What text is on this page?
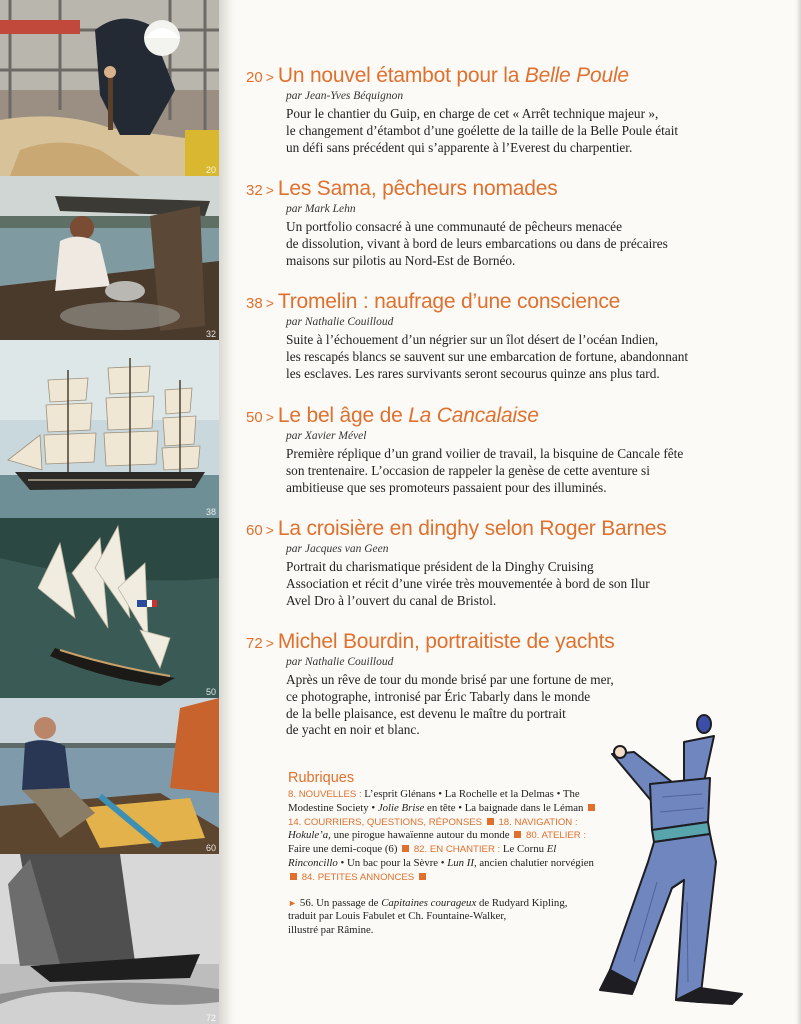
20
32
38
50
60
72
20 > Un nouvel étambot pour la Belle Poule
par Jean-Yves Béquignon
Pour le chantier du Guip, en charge de cet « Arrêt technique majeur »,
le changement d’étambot d’une goélette de la taille de la Belle Poule était
un défi sans précédent qui s’apparente à l’Everest du charpentier.
32 > Les Sama, pêcheurs nomades
par Mark Lehn
Un portfolio consacré à une communauté de pêcheurs menacée
de dissolution, vivant à bord de leurs embarcations ou dans de précaires
maisons sur pilotis au Nord-Est de Bornéo.
38 > Tromelin : naufrage d’une conscience
par Nathalie Couilloud
Suite à l’échouement d’un négrier sur un îlot désert de l’océan Indien,
les rescapés blancs se sauvent sur une embarcation de fortune, abandonnant
les esclaves. Les rares survivants seront secourus quinze ans plus tard.
50 > Le bel âge de La Cancalaise
par Xavier Mével
Première réplique d’un grand voilier de travail, la bisquine de Cancale fête
son trentenaire. L’occasion de rappeler la genèse de cette aventure si
ambitieuse que ses promoteurs passaient pour des illuminés.
60 > La croisière en dinghy selon Roger Barnes
par Jacques van Geen
Portrait du charismatique président de la Dinghy Cruising
Association et récit d’une virée très mouvementée à bord de son Ilur
Avel Dro à l’ouvert du canal de Bristol.
72 > Michel Bourdin, portraitiste de yachts
par Nathalie Couilloud
Après un rêve de tour du monde brisé par une fortune de mer,
ce photographe, intronisé par Éric Tabarly dans le monde
de la belle plaisance, est devenu le maître du portrait
de yacht en noir et blanc.
Rubriques
8. NOUVELLES : L’esprit Glénans • La Rochelle et la Delmas • The Modestine Society • Jolie Brise en tête • La baignade dans le Léman  14. COURRIERS, QUESTIONS, RÉPONSES 18. NAVIGATION : Hokule’a, une pirogue hawaïenne autour du monde 80. ATELIER : Faire une demi-coque (6) 82. EN CHANTIER : Le Cornu El Rinconcillo • Un bac pour la Sèvre • Lun II, ancien chalutier norvégien  84. PETITES ANNONCES
► 56. Un passage de Capitaines courageux de Rudyard Kipling,
traduit par Louis Fabulet et Ch. Fountaine-Walker,
illustré par Râmine.
